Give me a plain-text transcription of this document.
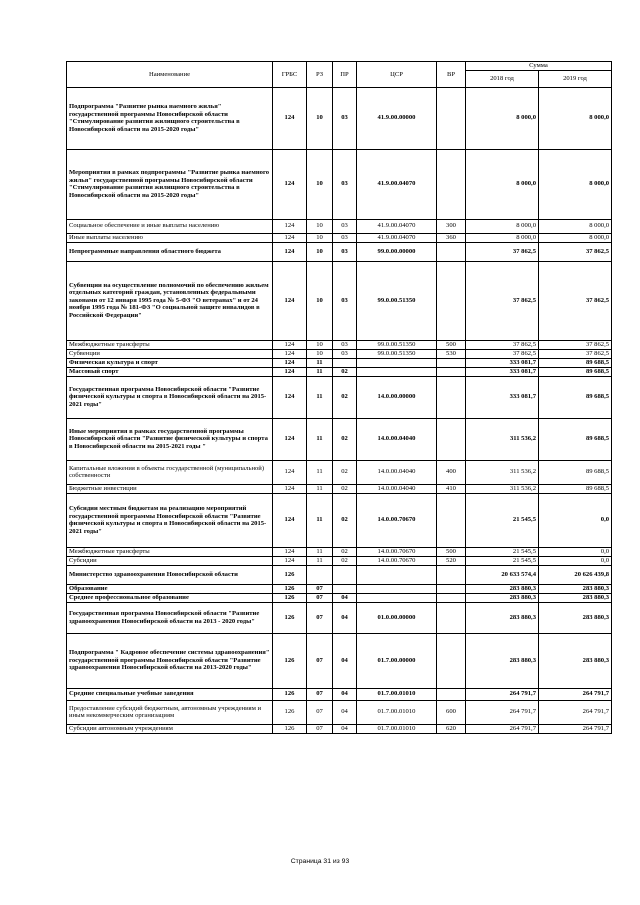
Наименование	ГРБС	РЗ	ПР	ЦСР	ВР	Сумма	
						2018 год	2019 год
Подпрограмма "Развитие рынка наемного жилья" государственной программы Новосибирской области "Стимулирование развития жилищного строительства в Новосибирской области на 2015-2020 годы"	124	10	03	41.9.00.00000		8 000,0	8 000,0
Мероприятия в рамках подпрограммы "Развитие рынка наемного жилья" государственной программы Новосибирской области "Стимулирование развития жилищного строительства в Новосибирской области на 2015-2020 годы"	124	10	03	41.9.00.04070		8 000,0	8 000,0
Социальное обеспечение и иные выплаты населению	124	10	03	41.9.00.04070	300	8 000,0	8 000,0
Иные выплаты населению	124	10	03	41.9.00.04070	360	8 000,0	8 000,0
Непрограммные направления областного бюджета	124	10	03	99.0.00.00000		37 862,5	37 862,5
Субвенции на осуществление полномочий по обеспечению жильем отдельных категорий граждан, установленных федеральными законами от 12 января 1995 года № 5-ФЗ "О ветеранах" и от 24 ноября 1995 года № 181-ФЗ "О социальной защите инвалидов в Российской Федерации"	124	10	03	99.0.00.51350		37 862,5	37 862,5
Межбюджетные трансферты	124	10	03	99.0.00.51350	500	37 862,5	37 862,5
Субвенции	124	10	03	99.0.00.51350	530	37 862,5	37 862,5
Физическая культура и спорт	124	11				333 081,7	89 688,5
Массовый спорт	124	11	02			333 081,7	89 688,5
Государственная программа Новосибирской области "Развитие физической культуры и спорта в Новосибирской области на 2015-2021 годы"	124	11	02	14.0.00.00000		333 081,7	89 688,5
Иные мероприятия в рамках государственной программы Новосибирской области "Развитие физической культуры и спорта в Новосибирской области на 2015-2021 годы "	124	11	02	14.0.00.04040		311 536,2	89 688,5
Капитальные вложения в объекты государственной (муниципальной) собственности	124	11	02	14.0.00.04040	400	311 536,2	89 688,5
Бюджетные инвестиции	124	11	02	14.0.00.04040	410	311 536,2	89 688,5
Субсидии местным бюджетам на реализацию мероприятий государственной программы Новосибирской области "Развитие физической культуры и спорта в Новосибирской области на 2015-2021 годы"	124	11	02	14.0.00.70670		21 545,5	0,0
Межбюджетные трансферты	124	11	02	14.0.00.70670	500	21 545,5	0,0
Субсидии	124	11	02	14.0.00.70670	520	21 545,5	0,0
Министерство здравоохранения Новосибирской области	126					20 633 574,4	20 626 439,8
Образование	126	07				283 880,3	283 880,3
Среднее профессиональное образование	126	07	04			283 880,3	283 880,3
Государственная программа Новосибирской области "Развитие здравоохранения Новосибирской области на 2013 - 2020 годы"	126	07	04	01.0.00.00000		283 880,3	283 880,3
Подпрограмма " Кадровое обеспечение системы здравоохранения" государственной программы Новосибирской области "Развитие здравоохранения Новосибирской области на 2013-2020 годы"	126	07	04	01.7.00.00000		283 880,3	283 880,3
Средние специальные учебные заведения	126	07	04	01.7.00.01010		264 791,7	264 791,7
Предоставление субсидий бюджетным, автономным учреждениям и иным некоммерческим организациям	126	07	04	01.7.00.01010	600	264 791,7	264 791,7
Субсидии автономным учреждениям	126	07	04	01.7.00.01010	620	264 791,7	264 791,7
Страница 31 из 93
